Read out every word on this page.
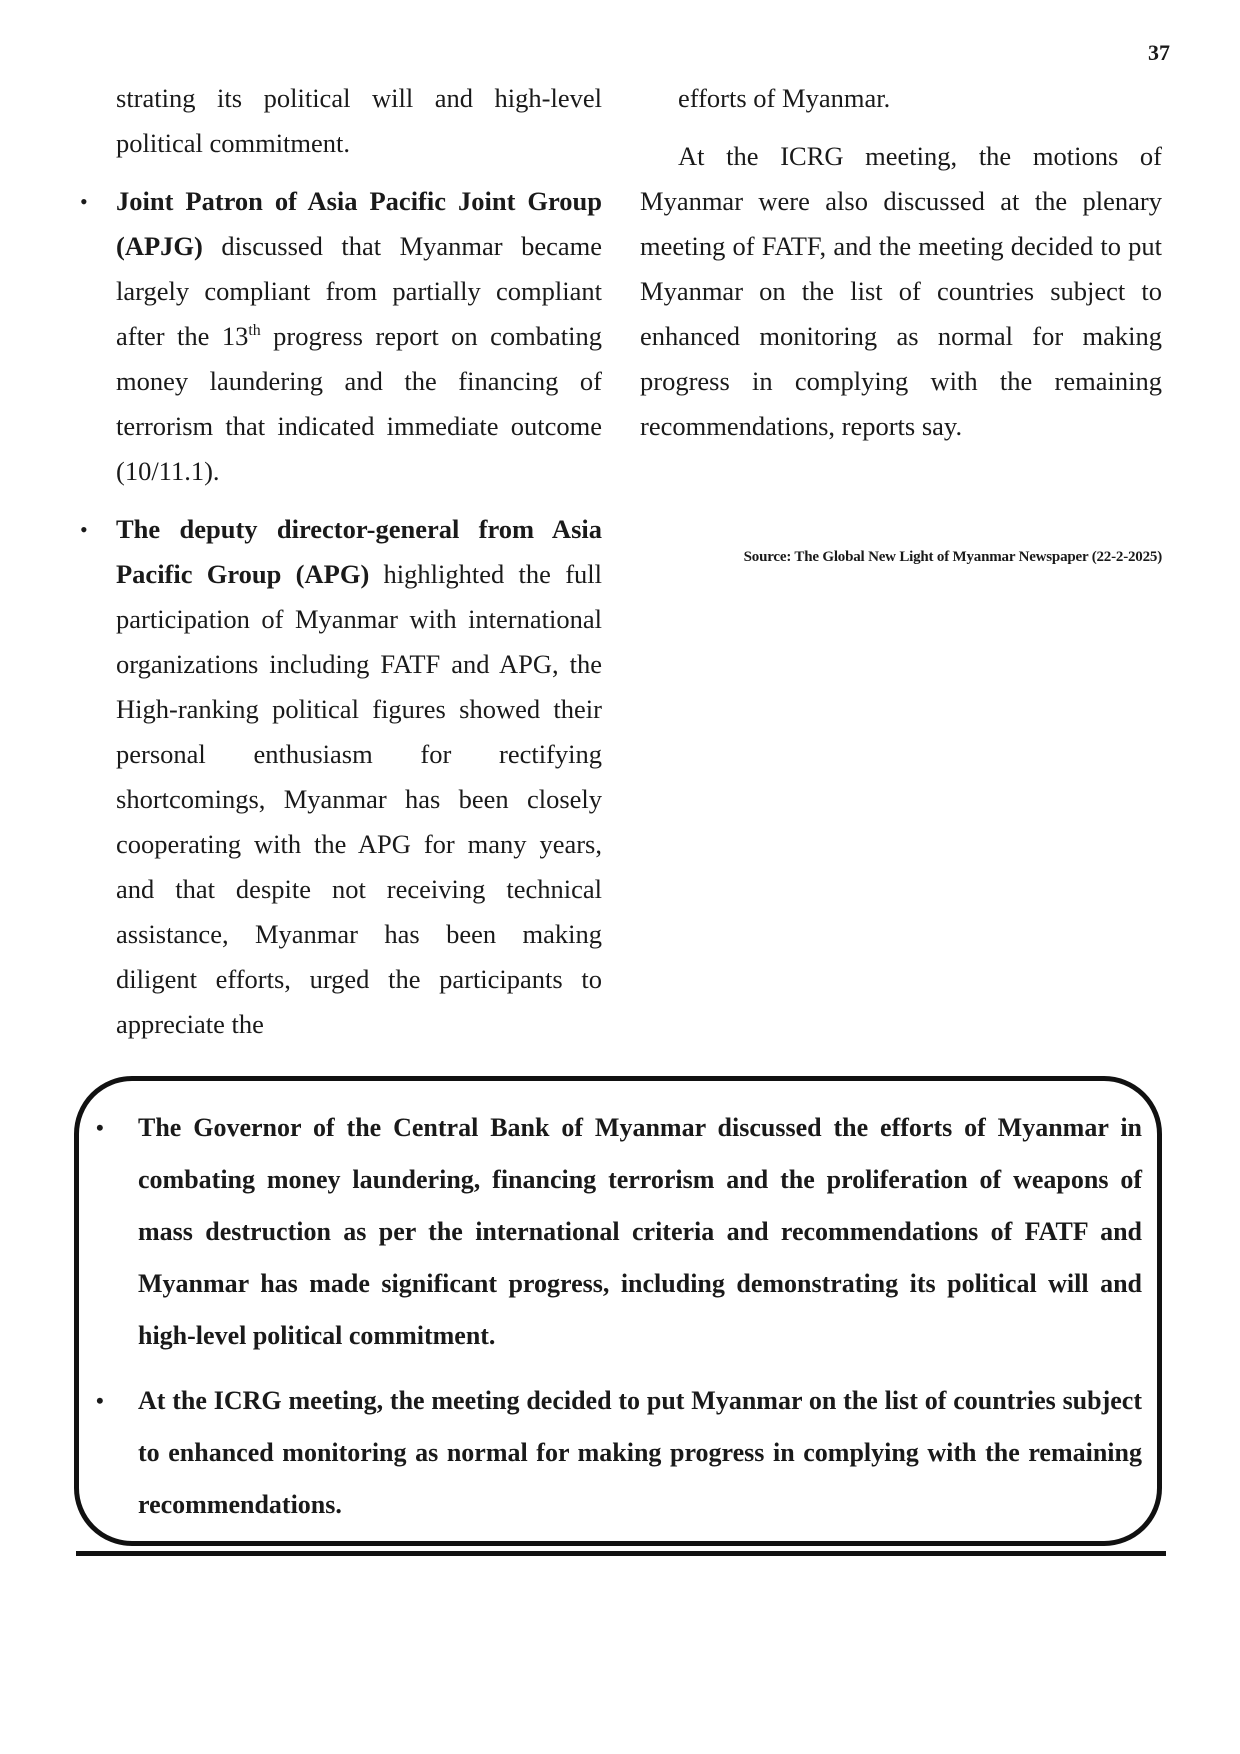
37

strating its political will and high-level political commitment.

•	Joint Patron of Asia Pacific Joint Group (APJG) discussed that Myanmar became largely compliant from partially compliant after the 13th progress report on combating money laundering and the financing of terrorism that indicated immediate outcome (10/11.1).
•	The deputy director-general from Asia Pacific Group (APG) highlighted the full participation of Myanmar with international organizations including FATF and APG, the High-ranking political figures showed their personal enthusiasm for rectifying shortcomings, Myanmar has been closely cooperating with the APG for many years, and that despite not receiving technical assistance, Myanmar has been making diligent efforts, urged the participants to appreciate the

efforts of Myanmar.

At the ICRG meeting, the motions of Myanmar were also discussed at the plenary meeting of FATF, and the meeting decided to put Myanmar on the list of countries subject to enhanced monitoring as normal for making progress in complying with the remaining recommendations, reports say.

Source: The Global New Light of Myanmar Newspaper (22-2-2025)
•	The Governor of the Central Bank of Myanmar discussed the efforts of Myanmar in combating money laundering, financing terrorism and the proliferation of weapons of mass destruction as per the international criteria and recommendations of FATF and Myanmar has made significant progress, including demonstrating its political will and high-level political commitment.
•	At the ICRG meeting, the meeting decided to put Myanmar on the list of countries subject to enhanced monitoring as normal for making progress in complying with the remaining recommendations.
